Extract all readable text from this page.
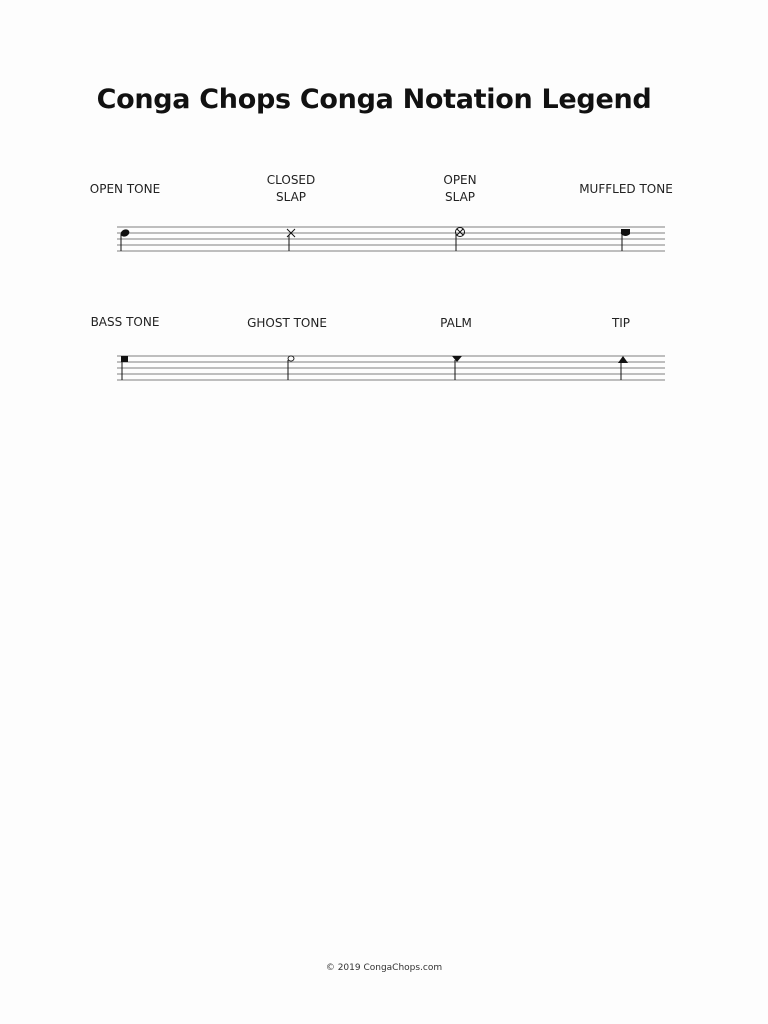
Conga Chops Conga Notation Legend
OPEN TONE
CLOSED
SLAP
OPEN
SLAP
MUFFLED TONE
BASS TONE	GHOST TONE	PALM	TIP
© 2019 CongaChops.com
